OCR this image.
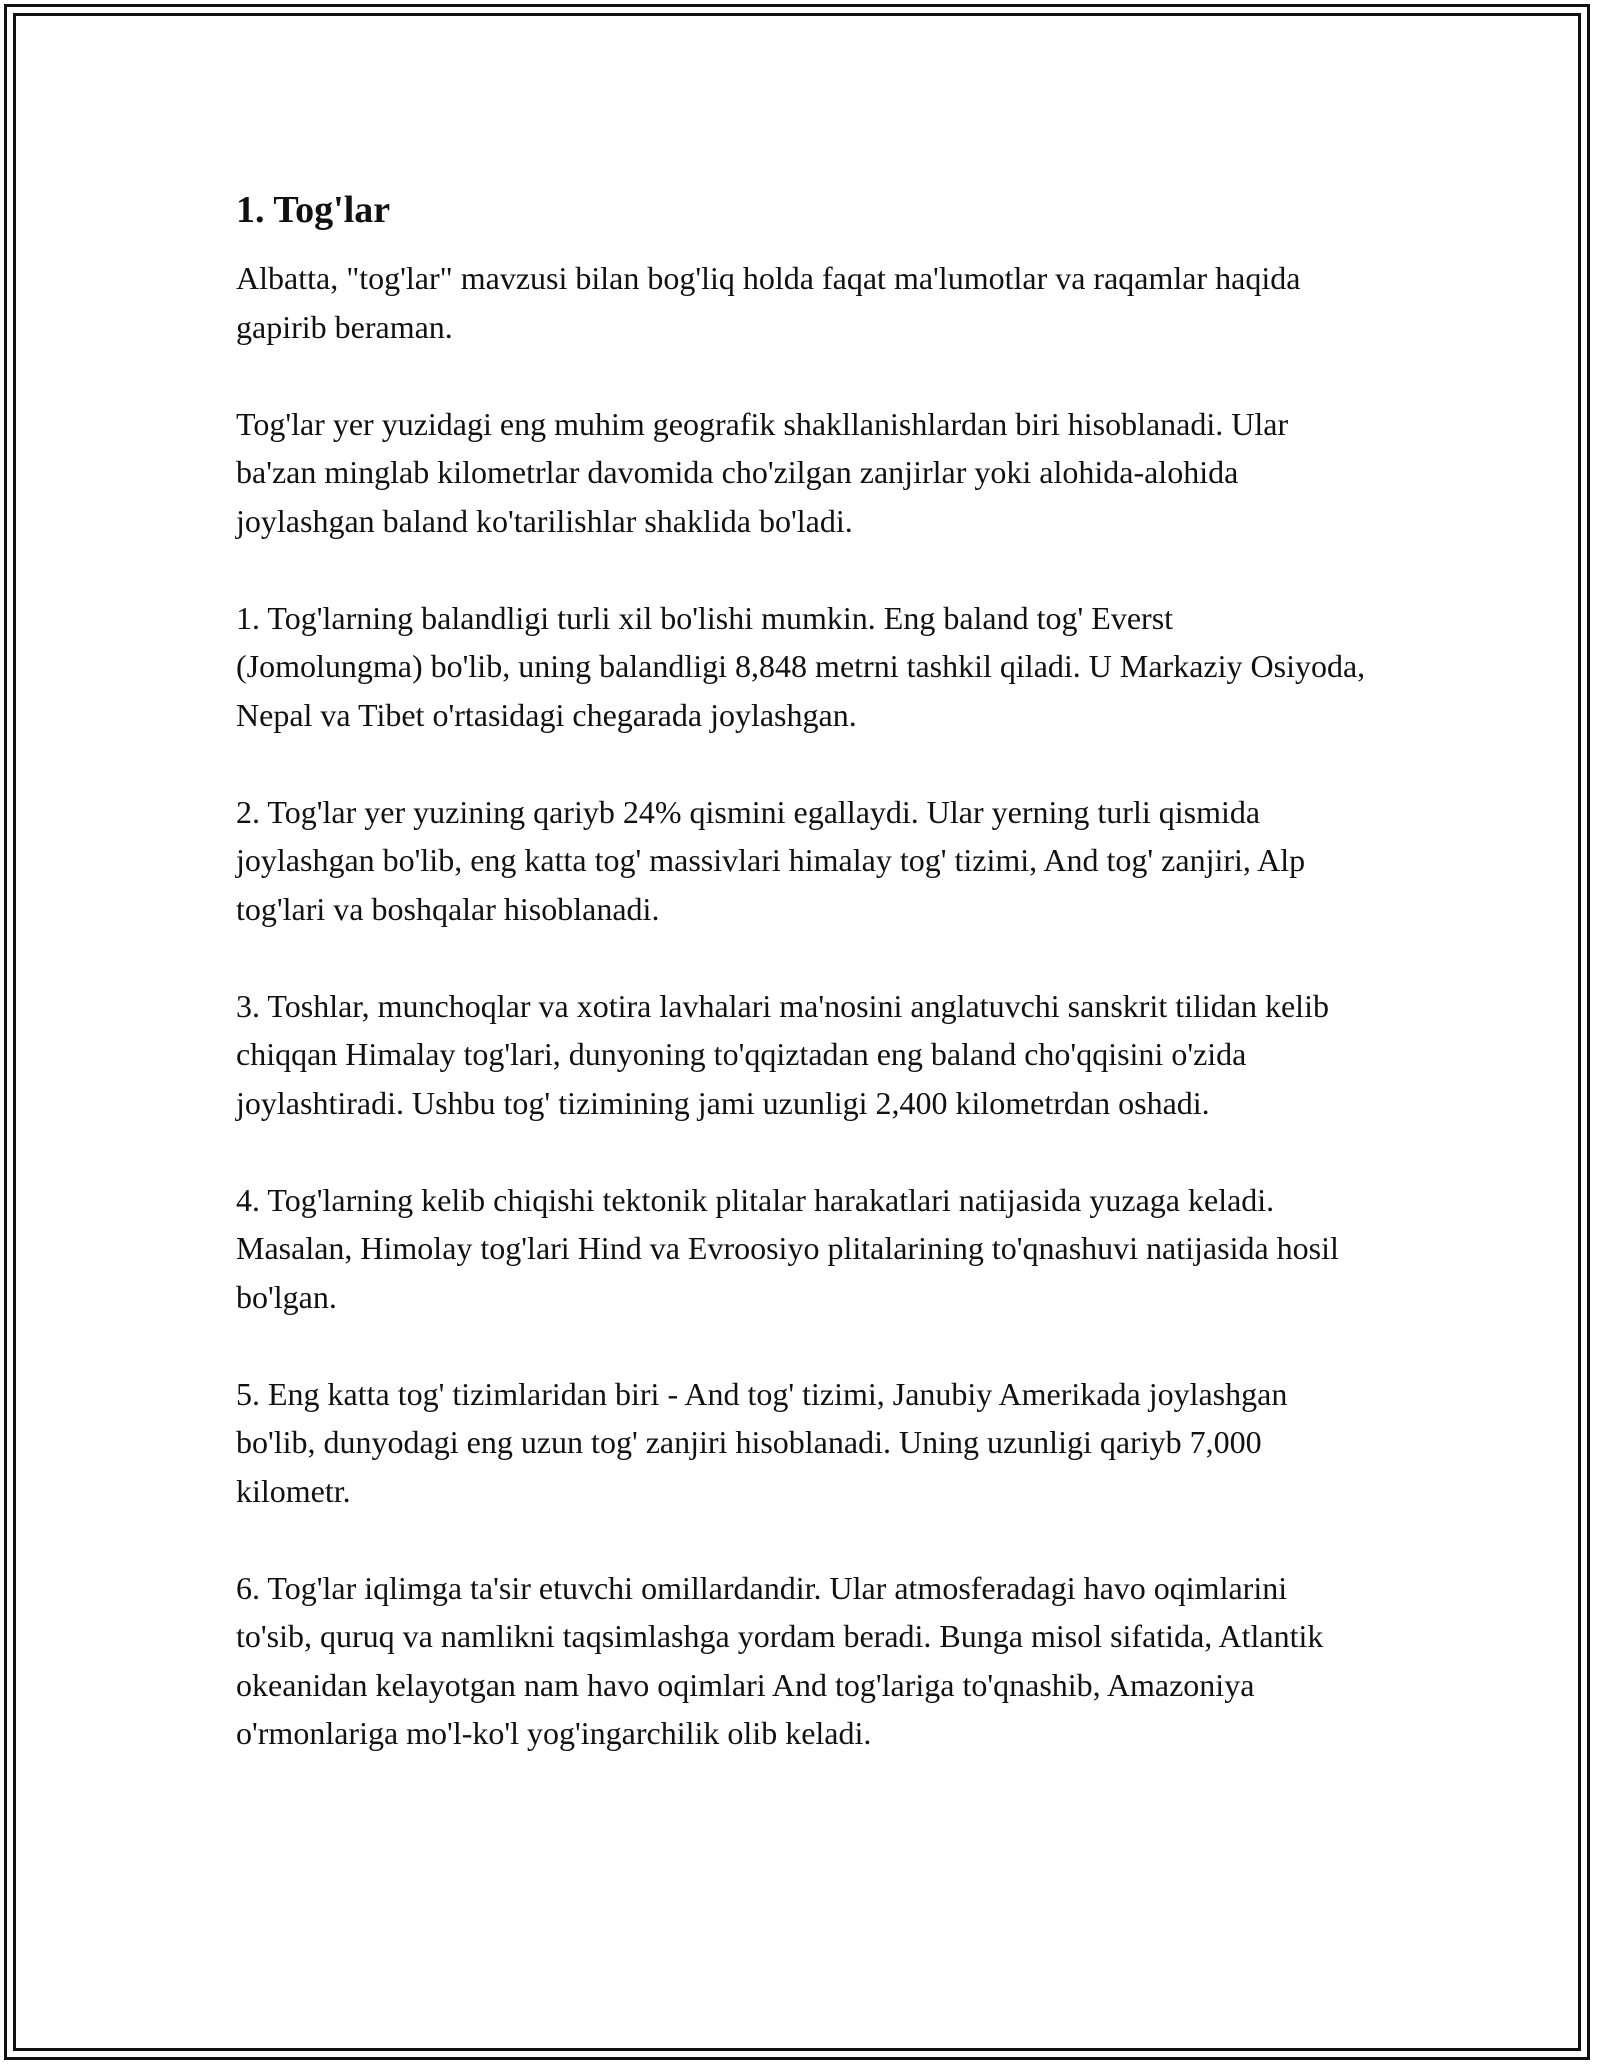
1. Tog'lar

Albatta, "tog'lar" mavzusi bilan bog'liq holda faqat ma'lumotlar va raqamlar haqida gapirib beraman.

Tog'lar yer yuzidagi eng muhim geografik shakllanishlardan biri hisoblanadi. Ular ba'zan minglab kilometrlar davomida cho'zilgan zanjirlar yoki alohida-alohida joylashgan baland ko'tarilishlar shaklida bo'ladi.

1. Tog'larning balandligi turli xil bo'lishi mumkin. Eng baland tog' Everst (Jomolungma) bo'lib, uning balandligi 8,848 metrni tashkil qiladi. U Markaziy Osiyoda, Nepal va Tibet o'rtasidagi chegarada joylashgan.

2. Tog'lar yer yuzining qariyb 24% qismini egallaydi. Ular yerning turli qismida joylashgan bo'lib, eng katta tog' massivlari himalay tog' tizimi, And tog' zanjiri, Alp tog'lari va boshqalar hisoblanadi.

3. Toshlar, munchoqlar va xotira lavhalari ma'nosini anglatuvchi sanskrit tilidan kelib chiqqan Himalay tog'lari, dunyoning to'qqiztadan eng baland cho'qqisini o'zida joylashtiradi. Ushbu tog' tizimining jami uzunligi 2,400 kilometrdan oshadi.

4. Tog'larning kelib chiqishi tektonik plitalar harakatlari natijasida yuzaga keladi. Masalan, Himolay tog'lari Hind va Evroosiyo plitalarining to'qnashuvi natijasida hosil bo'lgan.

5. Eng katta tog' tizimlaridan biri - And tog' tizimi, Janubiy Amerikada joylashgan bo'lib, dunyodagi eng uzun tog' zanjiri hisoblanadi. Uning uzunligi qariyb 7,000 kilometr.

6. Tog'lar iqlimga ta'sir etuvchi omillardandir. Ular atmosferadagi havo oqimlarini to'sib, quruq va namlikni taqsimlashga yordam beradi. Bunga misol sifatida, Atlantik okeanidan kelayotgan nam havo oqimlari And tog'lariga to'qnashib, Amazoniya o'rmonlariga mo'l-ko'l yog'ingarchilik olib keladi.
